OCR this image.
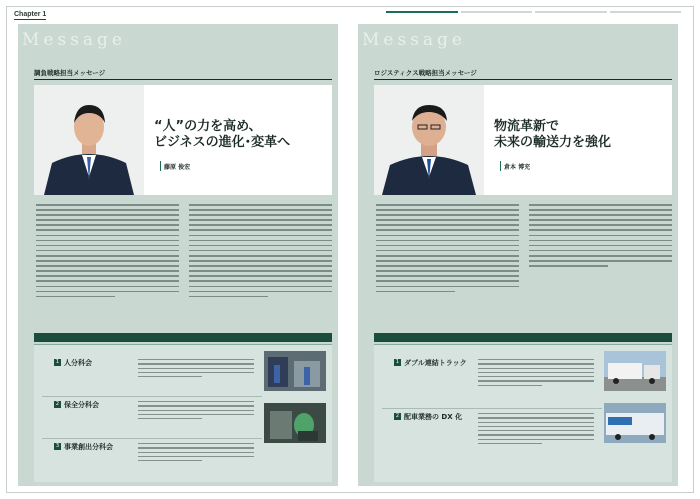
Chapter 1
Message
調負戦略担当メッセージ
“人”の力を高め、
ビジネスの進化･変革へ
藤原 俊宏
1 人分科会
2 保全分科会
3 事業創出分科会
Message
ロジスティクス戦略担当メッセージ
物流革新で
未来の輸送力を強化
倉本 博充
1 ダブル連結トラック
2 配車業務の DX 化
